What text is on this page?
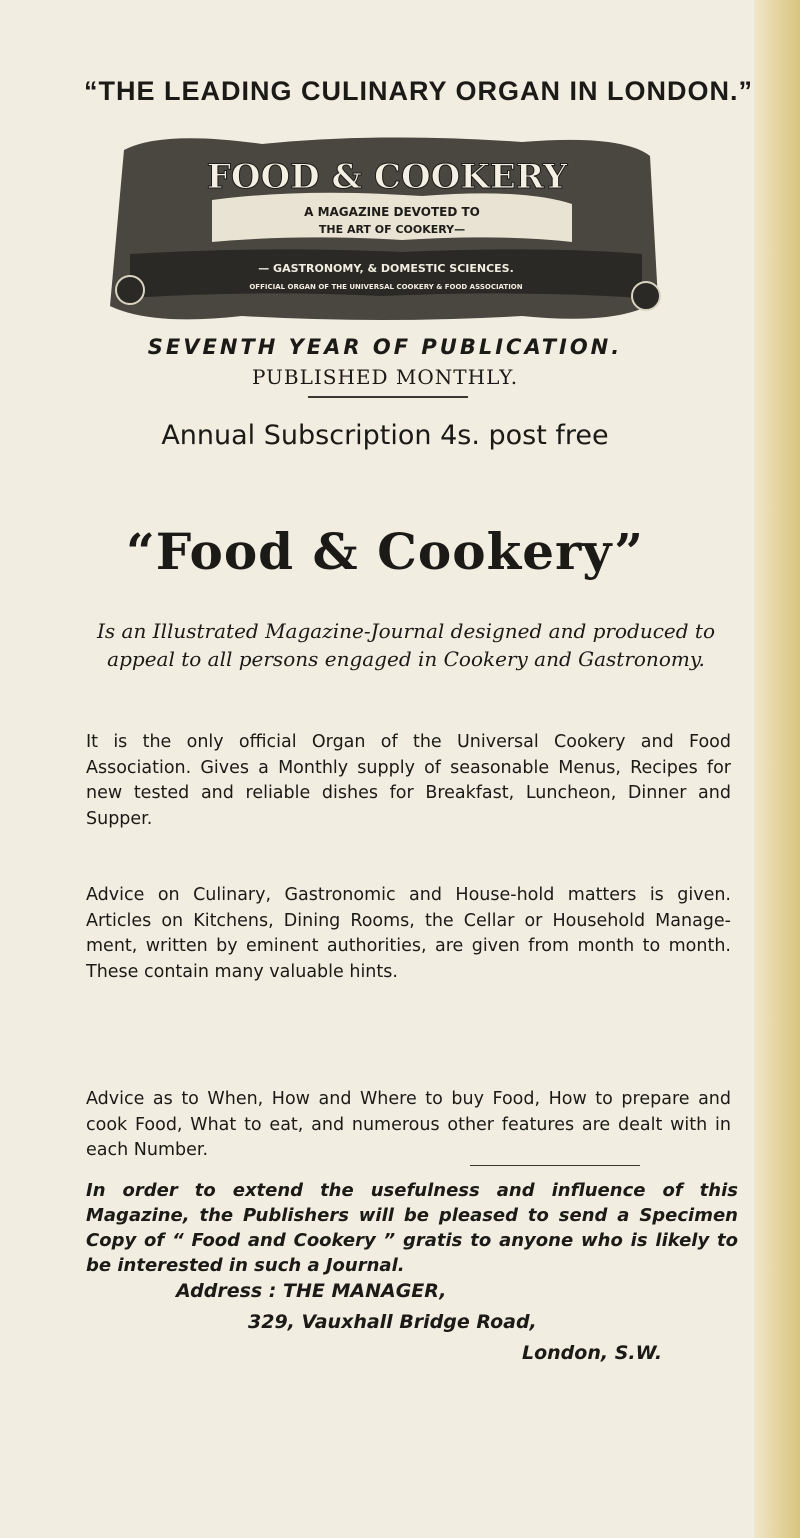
“THE LEADING CULINARY ORGAN IN LONDON.”
FOOD & COOKERY
A MAGAZINE DEVOTED TO
THE ART OF COOKERY—
— GASTRONOMY, & DOMESTIC SCIENCES.
OFFICIAL ORGAN OF THE UNIVERSAL COOKERY & FOOD ASSOCIATION
SEVENTH YEAR OF PUBLICATION.
PUBLISHED MONTHLY.
Annual Subscription 4s. post free
“Food & Cookery”
Is an Illustrated Magazine-Journal designed and produced to appeal to all persons engaged in Cookery and Gastronomy.

It is the only official Organ of the Universal Cookery and Food Association. Gives a Monthly supply of seasonable Menus, Recipes for new tested and reliable dishes for Breakfast, Luncheon, Dinner and Supper.

Advice on Culinary, Gastronomic and House-hold matters is given. Articles on Kitchens, Dining Rooms, the Cellar or Household Manage-ment, written by eminent authorities, are given from month to month. These contain many valuable hints.

Advice as to When, How and Where to buy Food, How to prepare and cook Food, What to eat, and numerous other features are dealt with in each Number.

In order to extend the usefulness and influence of this Magazine, the Publishers will be pleased to send a Specimen Copy of “ Food and Cookery ” gratis to anyone who is likely to be interested in such a Journal.

Address : THE MANAGER,
329, Vauxhall Bridge Road,
London, S.W.
